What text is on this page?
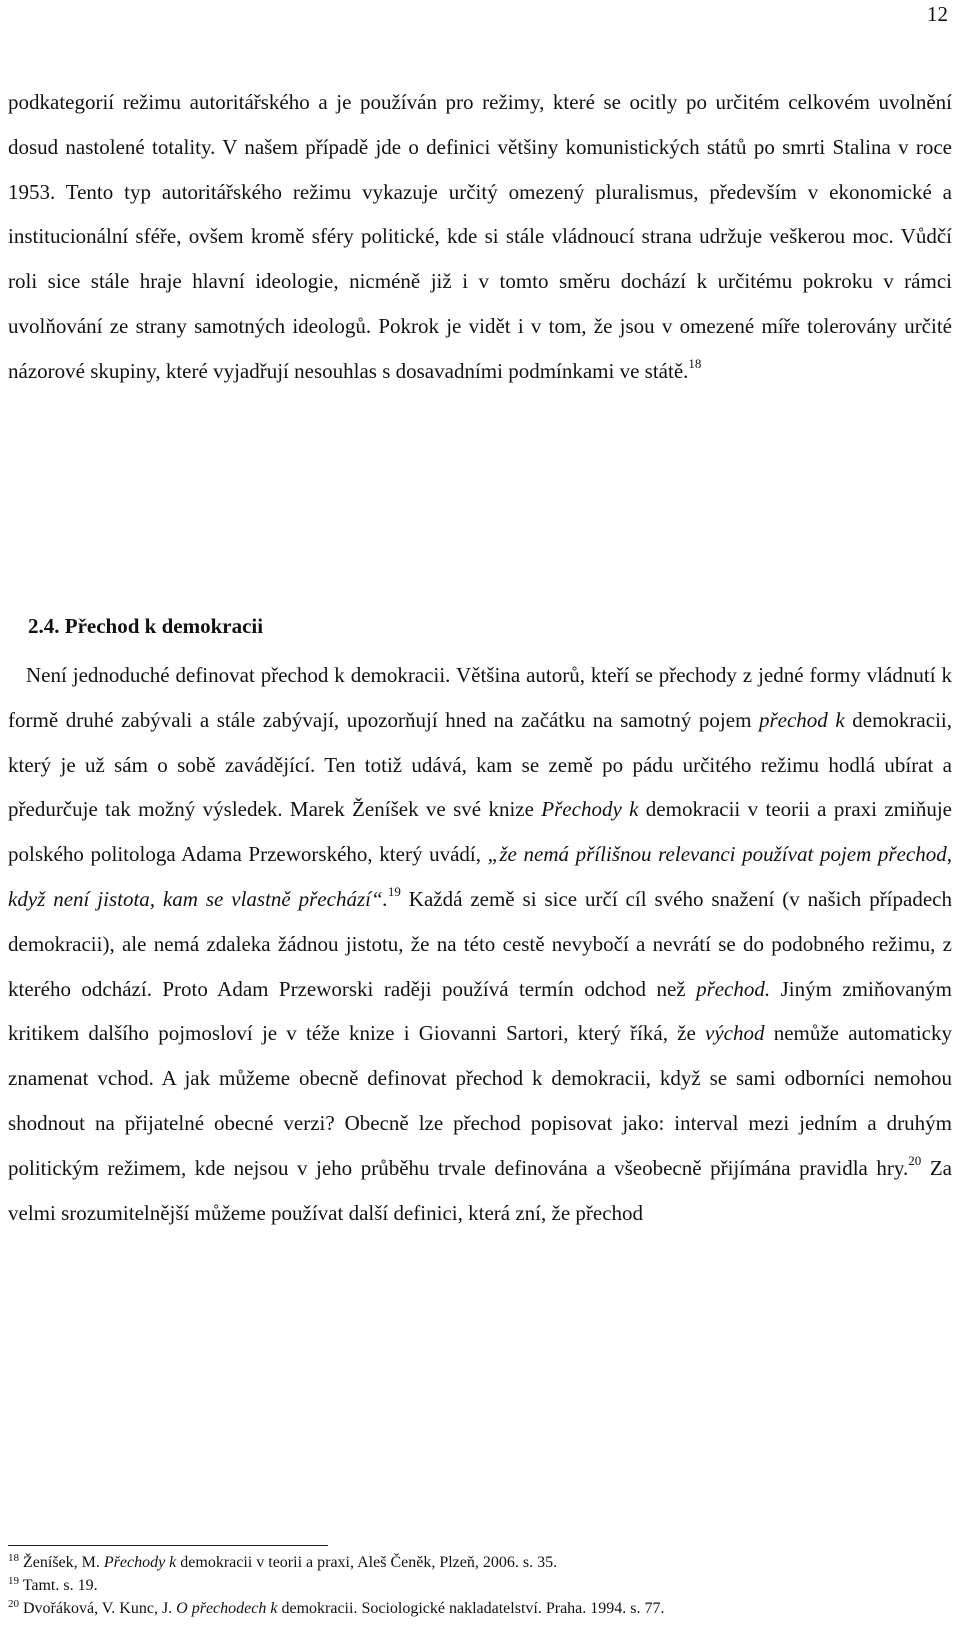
12

podkategorií režimu autoritářského a je používán pro režimy, které se ocitly po určitém celkovém uvolnění dosud nastolené totality. V našem případě jde o definici většiny komunistických států po smrti Stalina v roce 1953. Tento typ autoritářského režimu vykazuje určitý omezený pluralismus, především v ekonomické a institucionální sféře, ovšem kromě sféry politické, kde si stále vládnoucí strana udržuje veškerou moc. Vůdčí roli sice stále hraje hlavní ideologie, nicméně již i v tomto směru dochází k určitému pokroku v rámci uvolňování ze strany samotných ideologů. Pokrok je vidět i v tom, že jsou v omezené míře tolerovány určité názorové skupiny, které vyjadřují nesouhlas s dosavadními podmínkami ve státě.$^{18}$

2.4. Přechod k demokracii

Není jednoduché definovat přechod k demokracii. Většina autorů, kteří se přechody z jedné formy vládnutí k formě druhé zabývali a stále zabývají, upozorňují hned na začátku na samotný pojem přechod k demokracii, který je už sám o sobě zavádějící. Ten totiž udává, kam se země po pádu určitého režimu hodlá ubírat a předurčuje tak možný výsledek. Marek Ženíšek ve své knize Přechody k demokracii v teorii a praxi zmiňuje polského politologa Adama Przeworského, který uvádí, „že nemá přílišnou relevanci používat pojem přechod, když není jistota, kam se vlastně přechází“.$^{19}$ Každá země si sice určí cíl svého snažení (v našich případech demokracii), ale nemá zdaleka žádnou jistotu, že na této cestě nevybočí a nevrátí se do podobného režimu, z kterého odchází. Proto Adam Przeworski raději používá termín odchod než přechod. Jiným zmiňovaným kritikem dalšího pojmosloví je v téže knize i Giovanni Sartori, který říká, že východ nemůže automaticky znamenat vchod. A jak můžeme obecně definovat přechod k demokracii, když se sami odborníci nemohou shodnout na přijatelné obecné verzi? Obecně lze přechod popisovat jako: interval mezi jedním a druhým politickým režimem, kde nejsou v jeho průběhu trvale definována a všeobecně přijímána pravidla hry.$^{20}$ Za velmi srozumitelnější můžeme používat další definici, která zní, že přechod

$^{18}$ Ženíšek, M. Přechody k demokracii v teorii a praxi, Aleš Čeněk, Plzeň, 2006. s. 35.

$^{19}$ Tamt. s. 19.

$^{20}$ Dvořáková, V. Kunc, J. O přechodech k demokracii. Sociologické nakladatelství. Praha. 1994. s. 77.
